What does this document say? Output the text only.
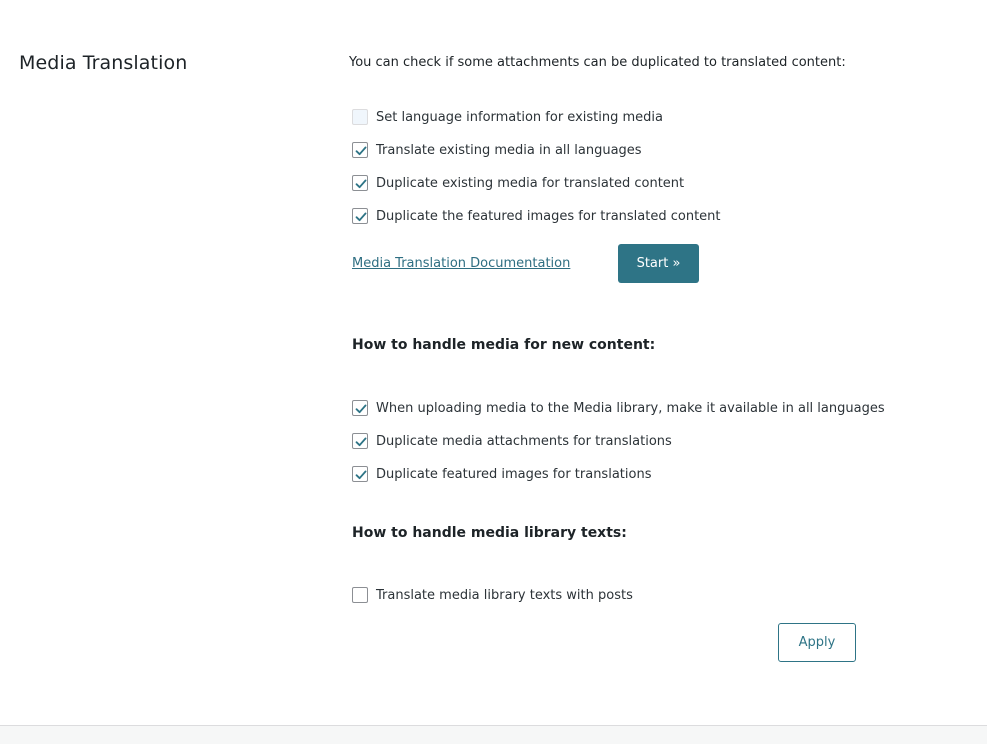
Media Translation	You can check if some attachments can be duplicated to translated content:
Set language information for existing media
Translate existing media in all languages
Duplicate existing media for translated content
Duplicate the featured images for translated content
Media Translation Documentation	Start »
How to handle media for new content:
When uploading media to the Media library, make it available in all languages
Duplicate media attachments for translations
Duplicate featured images for translations
How to handle media library texts:
Translate media library texts with posts
Apply
